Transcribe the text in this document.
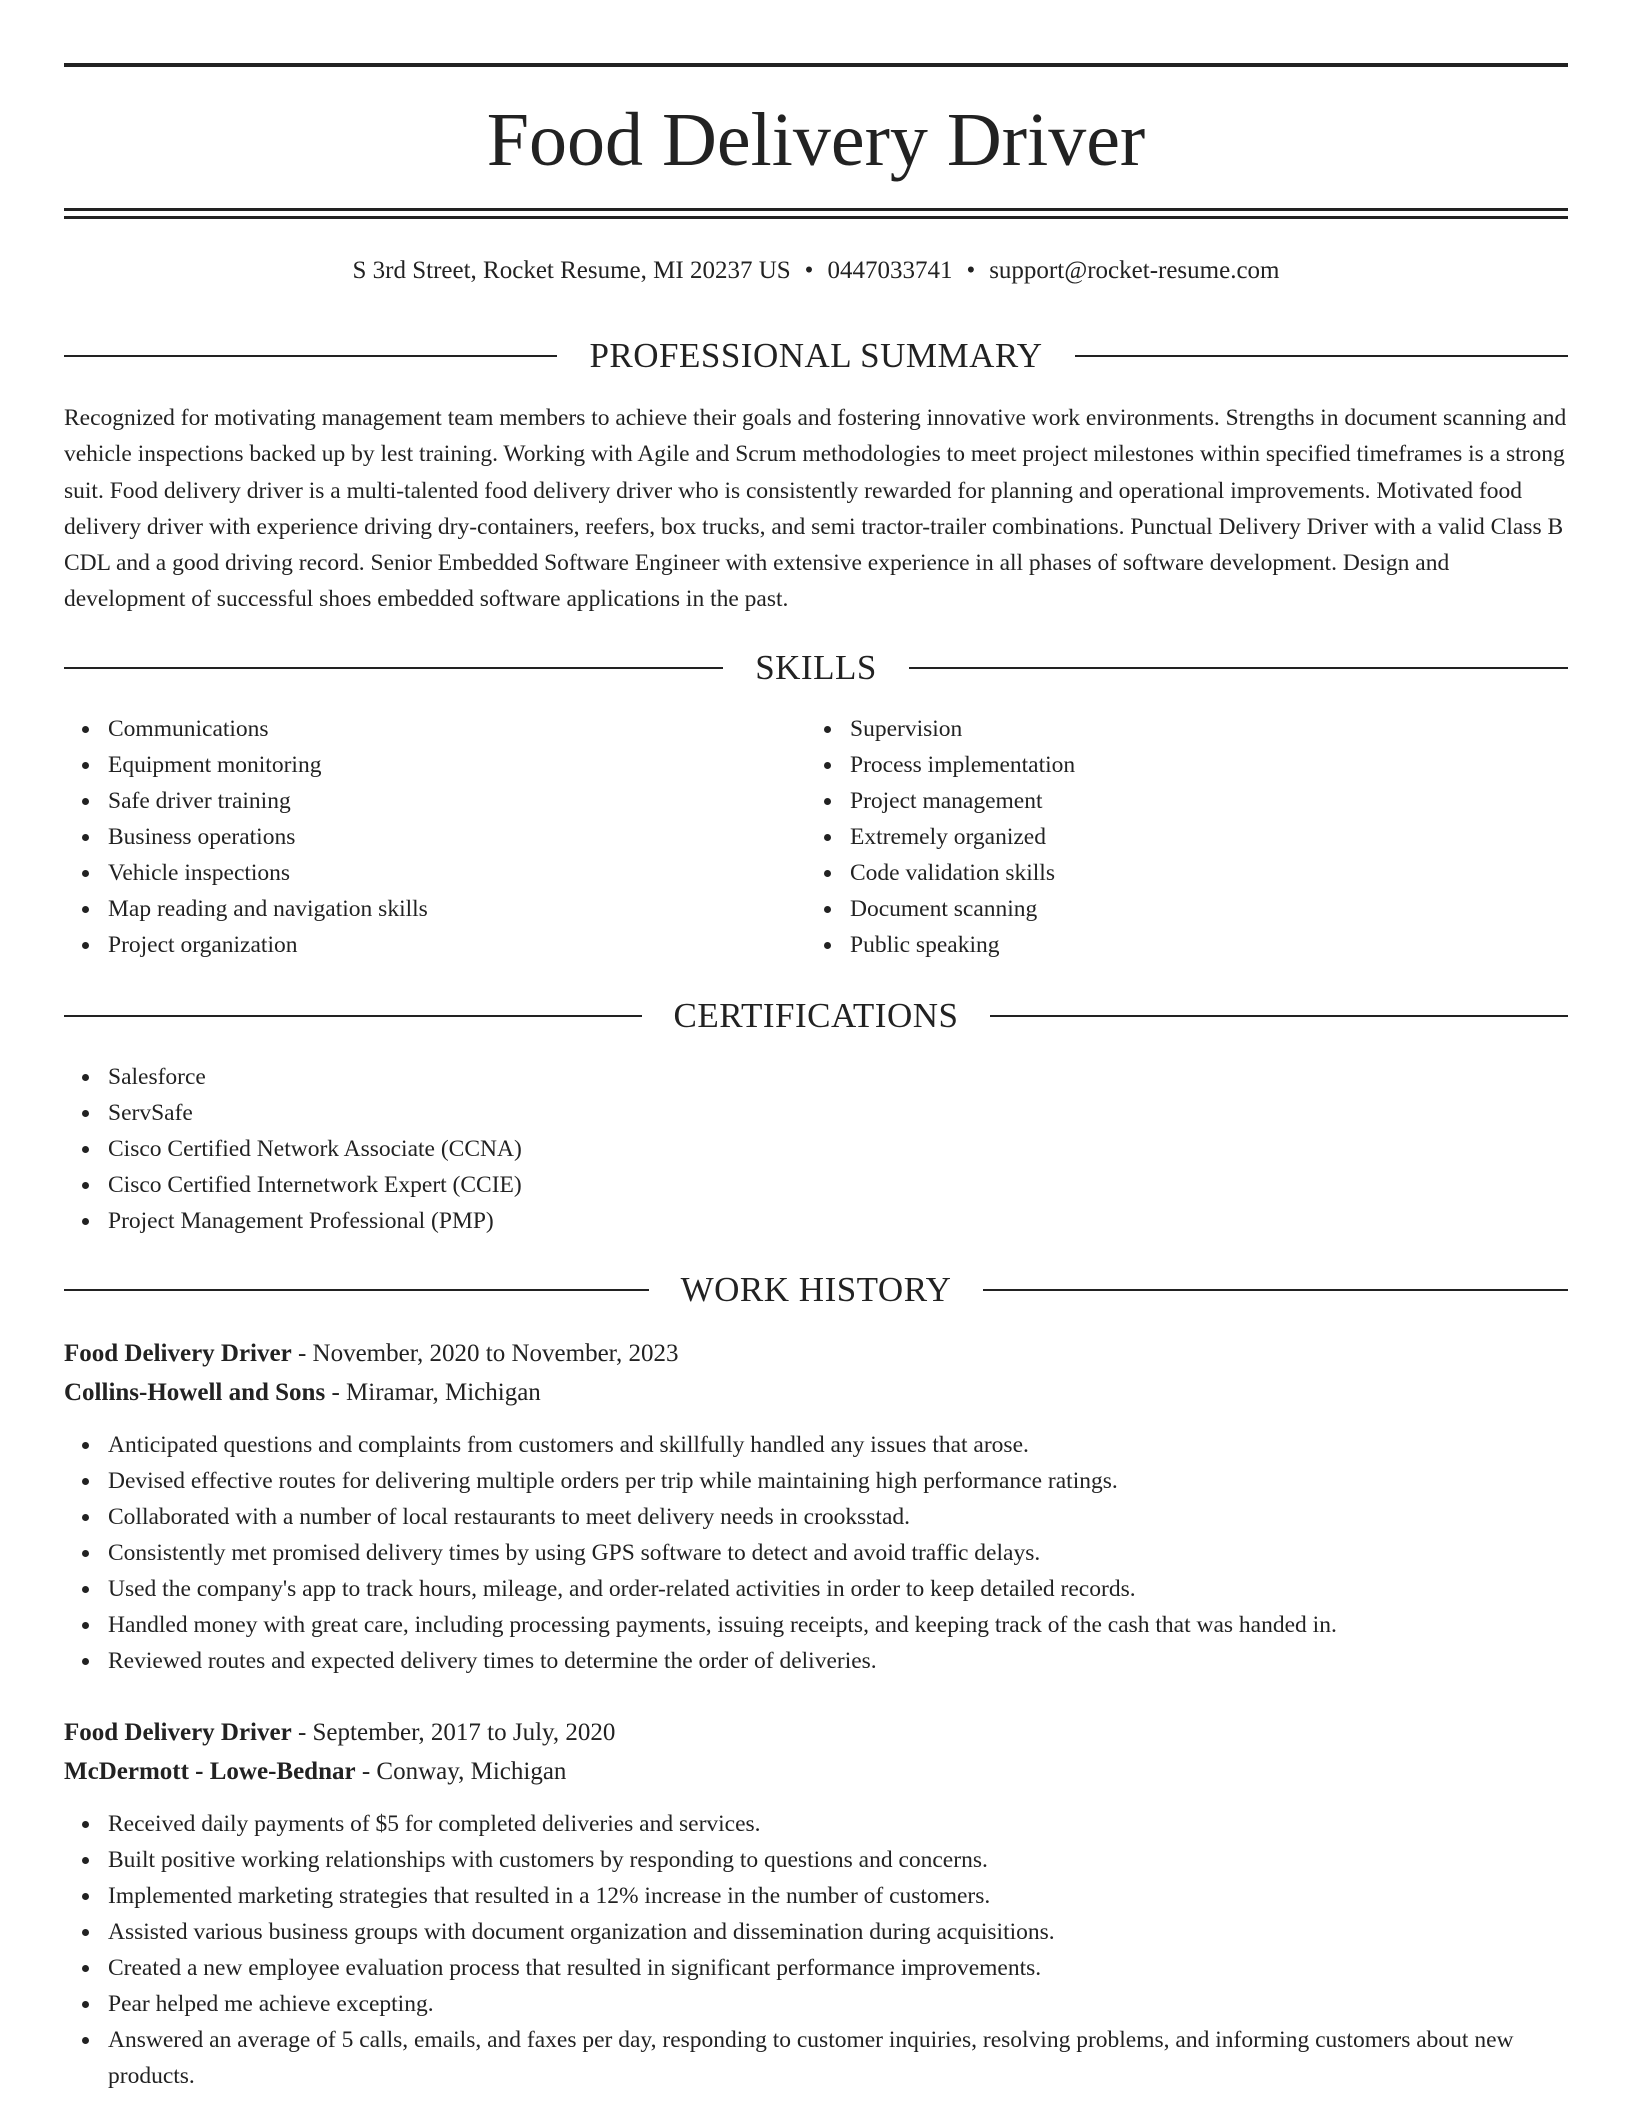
Food Delivery Driver
S 3rd Street, Rocket Resume, MI 20237 US • 0447033741 • support@rocket-resume.com
PROFESSIONAL SUMMARY
Recognized for motivating management team members to achieve their goals and fostering innovative work environments. Strengths in document scanning and vehicle inspections backed up by lest training. Working with Agile and Scrum methodologies to meet project milestones within specified timeframes is a strong suit. Food delivery driver is a multi-talented food delivery driver who is consistently rewarded for planning and operational improvements. Motivated food delivery driver with experience driving dry-containers, reefers, box trucks, and semi tractor-trailer combinations. Punctual Delivery Driver with a valid Class B CDL and a good driving record. Senior Embedded Software Engineer with extensive experience in all phases of software development. Design and development of successful shoes embedded software applications in the past.
SKILLS
Communications
Equipment monitoring
Safe driver training
Business operations
Vehicle inspections
Map reading and navigation skills
Project organization
Supervision
Process implementation
Project management
Extremely organized
Code validation skills
Document scanning
Public speaking
CERTIFICATIONS
Salesforce
ServSafe
Cisco Certified Network Associate (CCNA)
Cisco Certified Internetwork Expert (CCIE)
Project Management Professional (PMP)
WORK HISTORY
Food Delivery Driver - November, 2020 to November, 2023
Collins-Howell and Sons - Miramar, Michigan
Anticipated questions and complaints from customers and skillfully handled any issues that arose.
Devised effective routes for delivering multiple orders per trip while maintaining high performance ratings.
Collaborated with a number of local restaurants to meet delivery needs in crooksstad.
Consistently met promised delivery times by using GPS software to detect and avoid traffic delays.
Used the company's app to track hours, mileage, and order-related activities in order to keep detailed records.
Handled money with great care, including processing payments, issuing receipts, and keeping track of the cash that was handed in.
Reviewed routes and expected delivery times to determine the order of deliveries.
Food Delivery Driver - September, 2017 to July, 2020
McDermott - Lowe-Bednar - Conway, Michigan
Received daily payments of $5 for completed deliveries and services.
Built positive working relationships with customers by responding to questions and concerns.
Implemented marketing strategies that resulted in a 12% increase in the number of customers.
Assisted various business groups with document organization and dissemination during acquisitions.
Created a new employee evaluation process that resulted in significant performance improvements.
Pear helped me achieve excepting.
Answered an average of 5 calls, emails, and faxes per day, responding to customer inquiries, resolving problems, and informing customers about new products.
